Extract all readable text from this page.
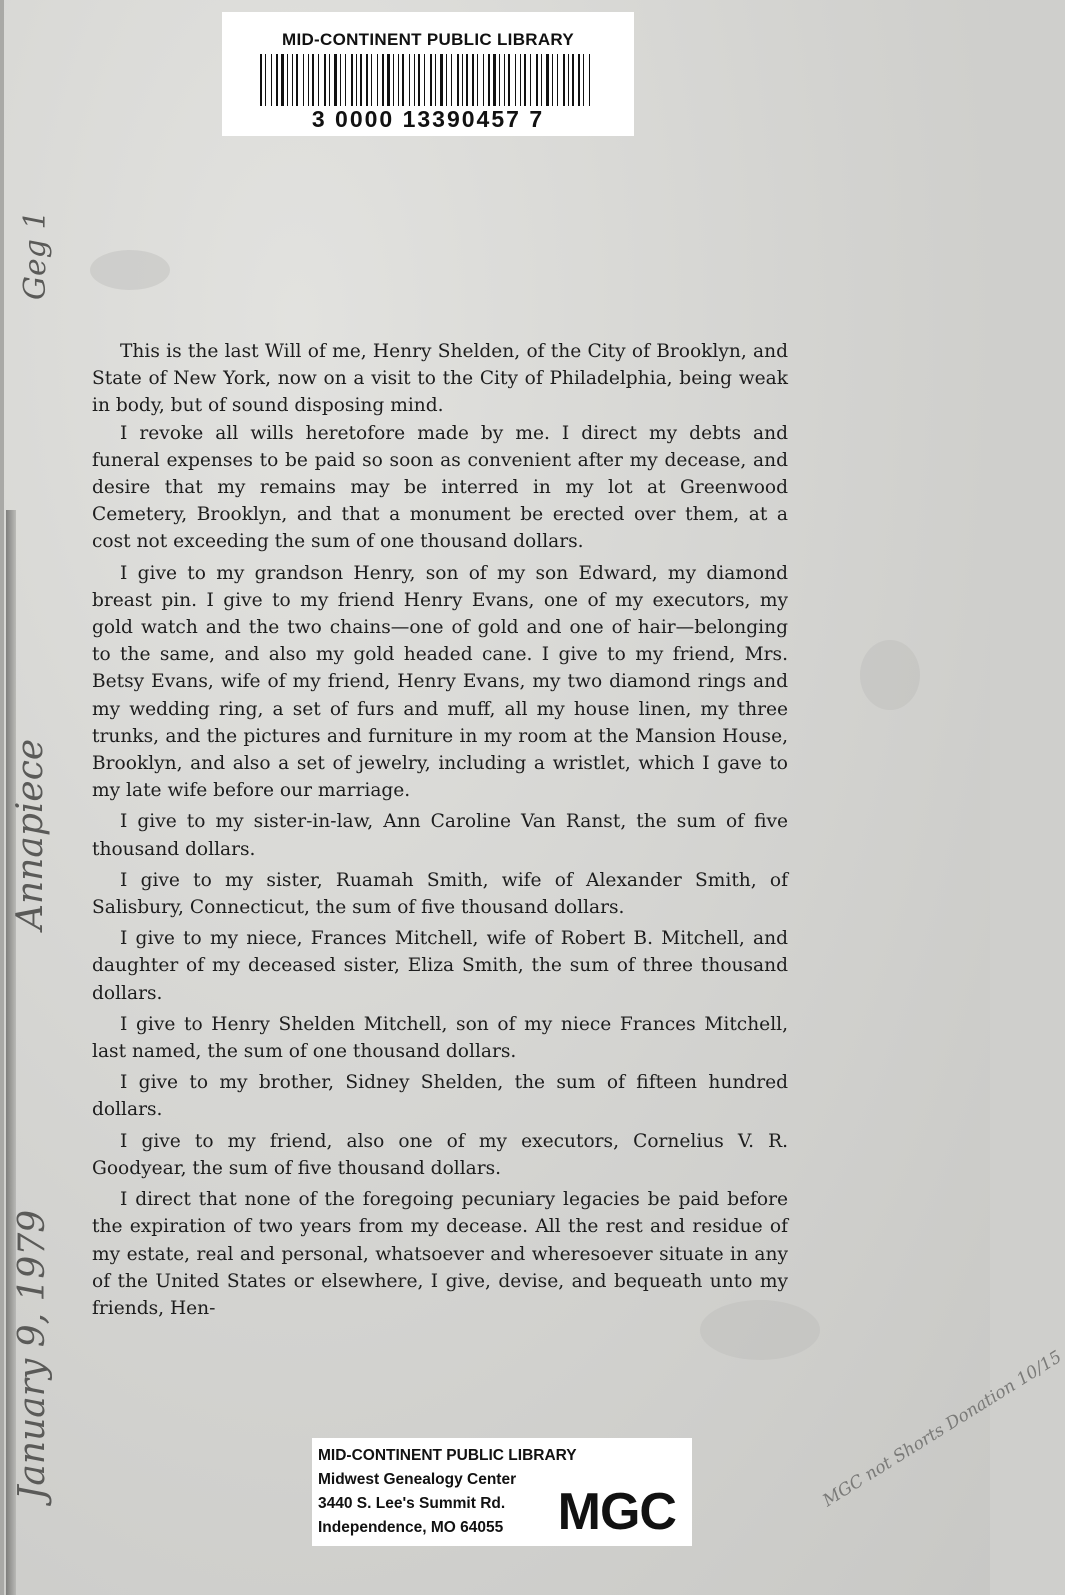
MID-CONTINENT PUBLIC LIBRARY
3 0000 13390457 7
Geg 1
Annapiece
January 9, 1979	MGC not Shorts Donation 10/15

This is the last Will of me, Henry Shelden, of the City of Brooklyn, and State of New York, now on a visit to the City of Philadelphia, being weak in body, but of sound disposing mind.

I revoke all wills heretofore made by me. I direct my debts and funeral expenses to be paid so soon as convenient after my decease, and desire that my remains may be interred in my lot at Greenwood Cemetery, Brooklyn, and that a monument be erected over them, at a cost not exceeding the sum of one thousand dollars.

I give to my grandson Henry, son of my son Edward, my diamond breast pin. I give to my friend Henry Evans, one of my executors, my gold watch and the two chains—one of gold and one of hair—belonging to the same, and also my gold headed cane. I give to my friend, Mrs. Betsy Evans, wife of my friend, Henry Evans, my two diamond rings and my wedding ring, a set of furs and muff, all my house linen, my three trunks, and the pictures and furniture in my room at the Mansion House, Brooklyn, and also a set of jewelry, including a wristlet, which I gave to my late wife before our marriage.

I give to my sister-in-law, Ann Caroline Van Ranst, the sum of five thousand dollars.

I give to my sister, Ruamah Smith, wife of Alexander Smith, of Salisbury, Connecticut, the sum of five thousand dollars.

I give to my niece, Frances Mitchell, wife of Robert B. Mitchell, and daughter of my deceased sister, Eliza Smith, the sum of three thousand dollars.

I give to Henry Shelden Mitchell, son of my niece Frances Mitchell, last named, the sum of one thousand dollars.

I give to my brother, Sidney Shelden, the sum of fifteen hundred dollars.

I give to my friend, also one of my executors, Cornelius V. R. Goodyear, the sum of five thousand dollars.

I direct that none of the foregoing pecuniary legacies be paid before the expiration of two years from my decease. All the rest and residue of my estate, real and personal, whatsoever and wheresoever situate in any of the United States or elsewhere, I give, devise, and bequeath unto my friends, Hen-

MID-CONTINENT PUBLIC LIBRARY
Midwest Genealogy Center
3440 S. Lee's Summit Rd.
Independence, MO 64055	MGC
